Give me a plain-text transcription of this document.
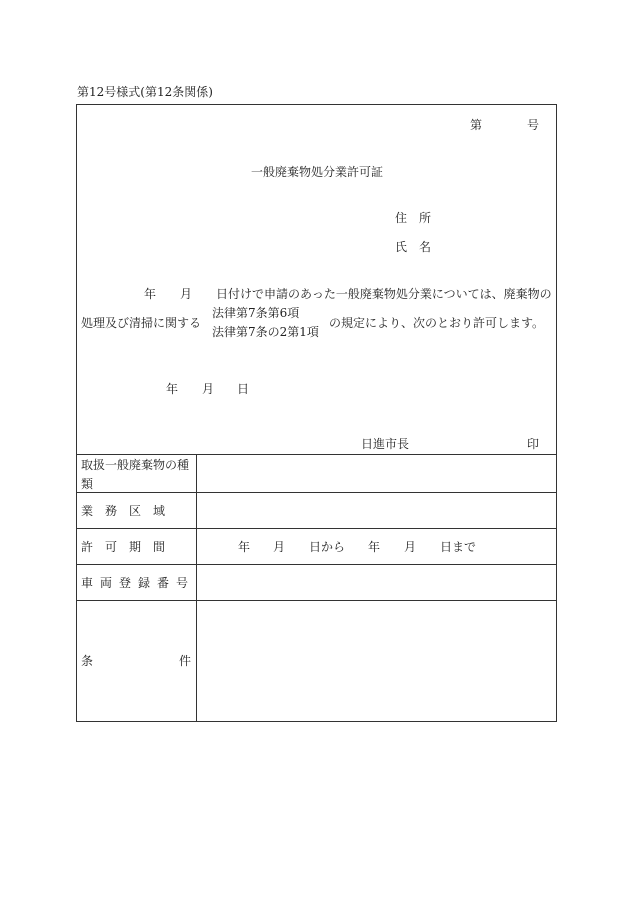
第12号様式(第12条関係)
第	号
一般廃棄物処分業許可証
住　所
氏　名
年 月 日付けで申請のあった一般廃棄物処分業については、廃棄物の
処理及び清掃に関する
法律第7条第6項
法律第7条の2第1項
の規定により、次のとおり許可します。
年 月 日
日進市長	印
取扱一般廃棄物の種
類
業　務　区　域
許　可　期　間	年 月 日から 年 月 日まで
車両登録番号
条	件
